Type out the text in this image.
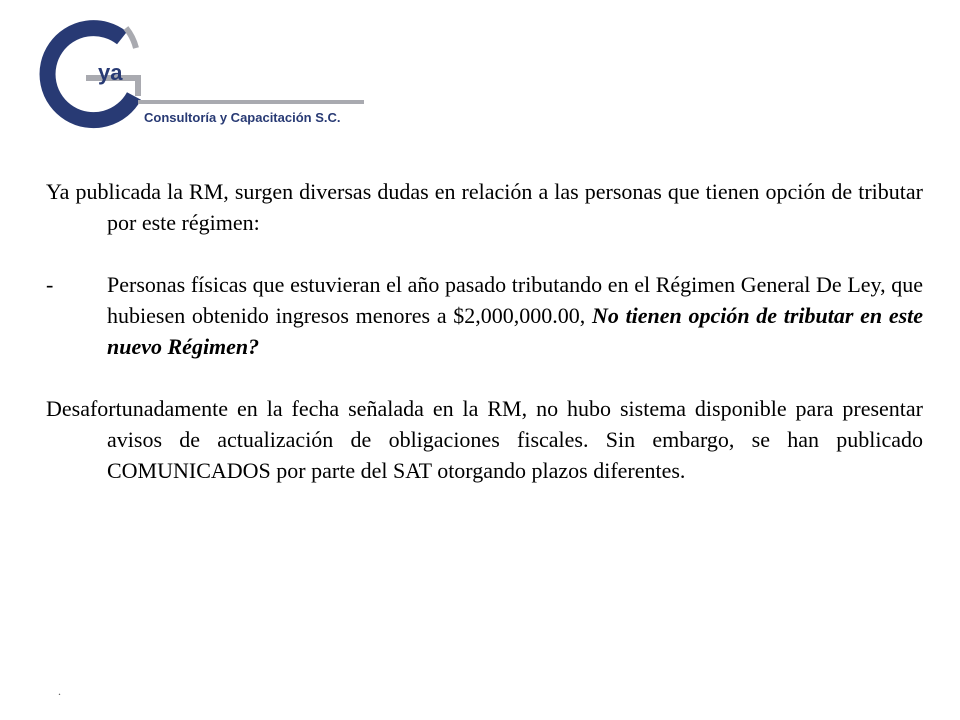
ya
Consultoría y Capacitación S.C.

Ya publicada la RM, surgen diversas dudas en relación a las personas que tienen opción de tributar por este régimen:

- Personas físicas que estuvieran el año pasado tributando en el Régimen General De Ley, que hubiesen obtenido ingresos menores a $2,000,000.00, No tienen opción de tributar en este nuevo Régimen?

Desafortunadamente en la fecha señalada en la RM, no hubo sistema disponible para presentar avisos de actualización de obligaciones fiscales. Sin embargo, se han publicado COMUNICADOS por parte del SAT otorgando plazos diferentes.

.
